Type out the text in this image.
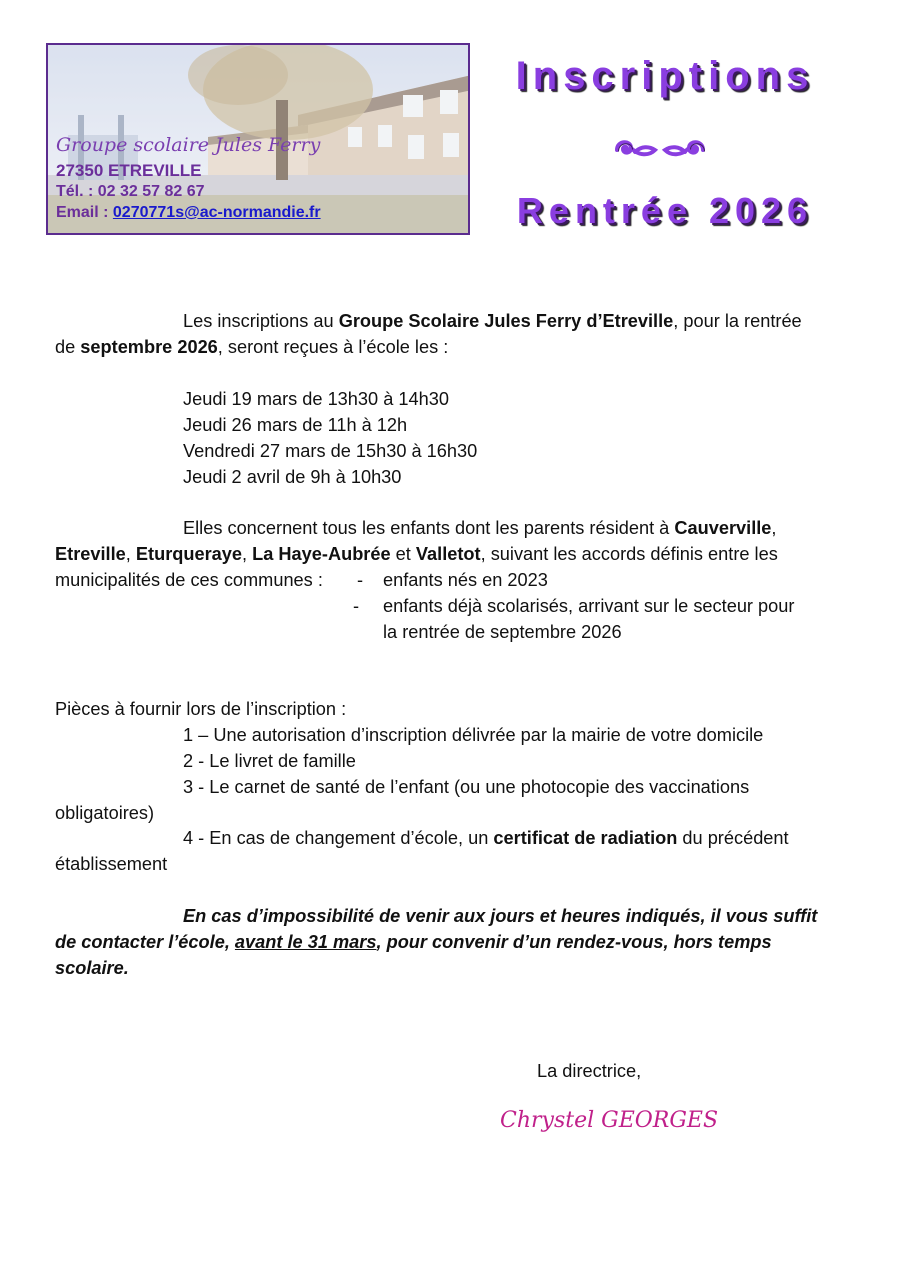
Groupe scolaire Jules Ferry
27350 ETREVILLE
Tél. : 02 32 57 82 67
Email : 0270771s@ac-normandie.fr
Inscriptions
Rentrée 2026
Les inscriptions au Groupe Scolaire Jules Ferry d’Etreville, pour la rentrée
de septembre 2026, seront reçues à l’école les :
Jeudi 19 mars de 13h30 à 14h30
Jeudi 26 mars de 11h à 12h
Vendredi 27 mars de 15h30 à 16h30
Jeudi 2 avril de 9h à 10h30
Elles concernent tous les enfants dont les parents résident à Cauverville,
Etreville, Eturqueraye, La Haye-Aubrée et Valletot, suivant les accords définis entre les
municipalités de ces communes :	- enfants nés en 2023
- enfants déjà scolarisés, arrivant sur le secteur pour
la rentrée de septembre 2026
Pièces à fournir lors de l’inscription :
1 – Une autorisation d’inscription délivrée par la mairie de votre domicile
2 - Le livret de famille
3 - Le carnet de santé de l’enfant (ou une photocopie des vaccinations
obligatoires)
4 - En cas de changement d’école, un certificat de radiation du précédent
établissement
En cas d’impossibilité de venir aux jours et heures indiqués, il vous suffit
de contacter l’école, avant le 31 mars, pour convenir d’un rendez-vous, hors temps
scolaire.
La directrice,
Chrystel GEORGES
